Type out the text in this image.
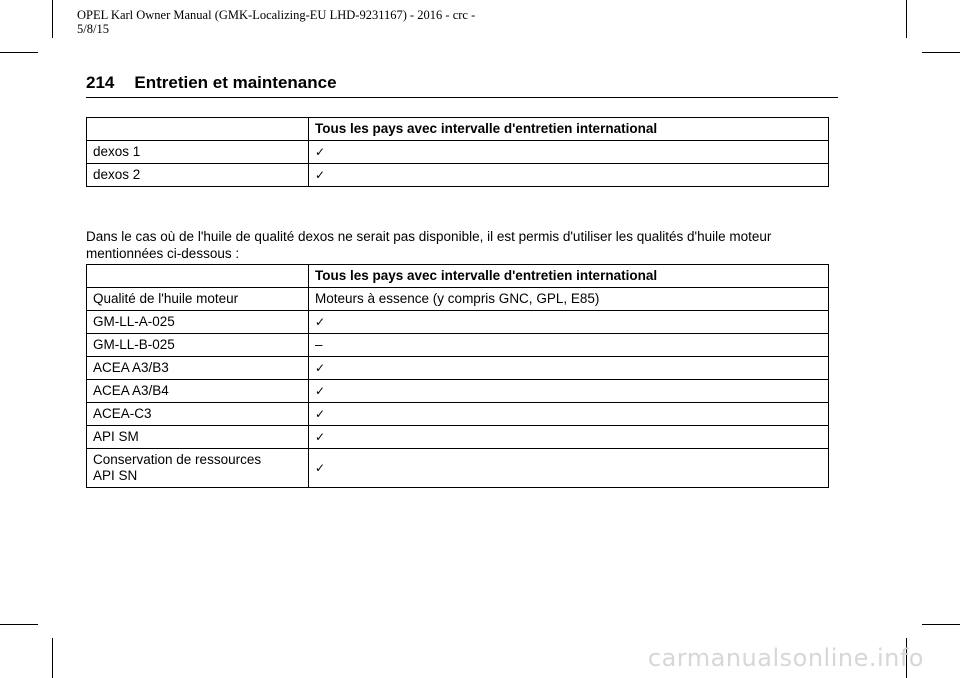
OPEL Karl Owner Manual (GMK-Localizing-EU LHD-9231167) - 2016 - crc -
5/8/15
214 Entretien et maintenance
	Tous les pays avec intervalle d'entretien international
dexos 1	✓
dexos 2	✓
Dans le cas où de l'huile de qualité dexos ne serait pas disponible, il est permis d'utiliser les qualités d'huile moteur mentionnées ci-dessous :
	Tous les pays avec intervalle d'entretien international
Qualité de l'huile moteur	Moteurs à essence (y compris GNC, GPL, E85)
GM-LL-A-025	✓
GM-LL-B-025	–
ACEA A3/B3	✓
ACEA A3/B4	✓
ACEA-C3	✓
API SM	✓

Conservation de ressources
API SN	✓
carmanualsonline.info
